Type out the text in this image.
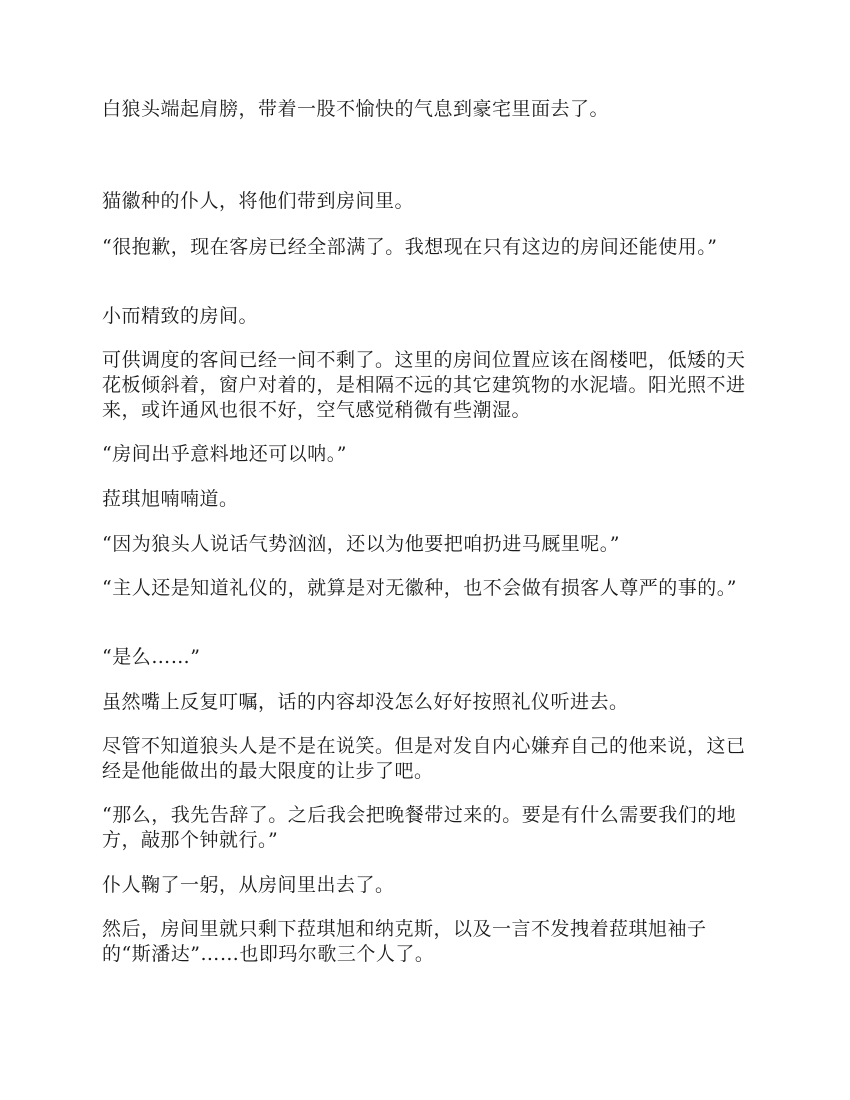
白狼头端起肩膀，带着一股不愉快的气息到豪宅里面去了。

猫徽种的仆人，将他们带到房间里。

“很抱歉，现在客房已经全部满了。我想现在只有这边的房间还能使用。”

小而精致的房间。

可供调度的客间已经一间不剩了。这里的房间位置应该在阁楼吧，低矮的天花板倾斜着，窗户对着的，是相隔不远的其它建筑物的水泥墙。阳光照不进来，或许通风也很不好，空气感觉稍微有些潮湿。

“房间出乎意料地还可以呐。”

菈琪旭喃喃道。

“因为狼头人说话气势汹汹，还以为他要把咱扔进马厩里呢。”

“主人还是知道礼仪的，就算是对无徽种，也不会做有损客人尊严的事的。”

“是么……”

虽然嘴上反复叮嘱，话的内容却没怎么好好按照礼仪听进去。

尽管不知道狼头人是不是在说笑。但是对发自内心嫌弃自己的他来说，这已经是他能做出的最大限度的让步了吧。

“那么，我先告辞了。之后我会把晚餐带过来的。要是有什么需要我们的地方，敲那个钟就行。”

仆人鞠了一躬，从房间里出去了。

然后，房间里就只剩下菈琪旭和纳克斯，以及一言不发拽着菈琪旭袖子的“斯潘达”……也即玛尔歌三个人了。
